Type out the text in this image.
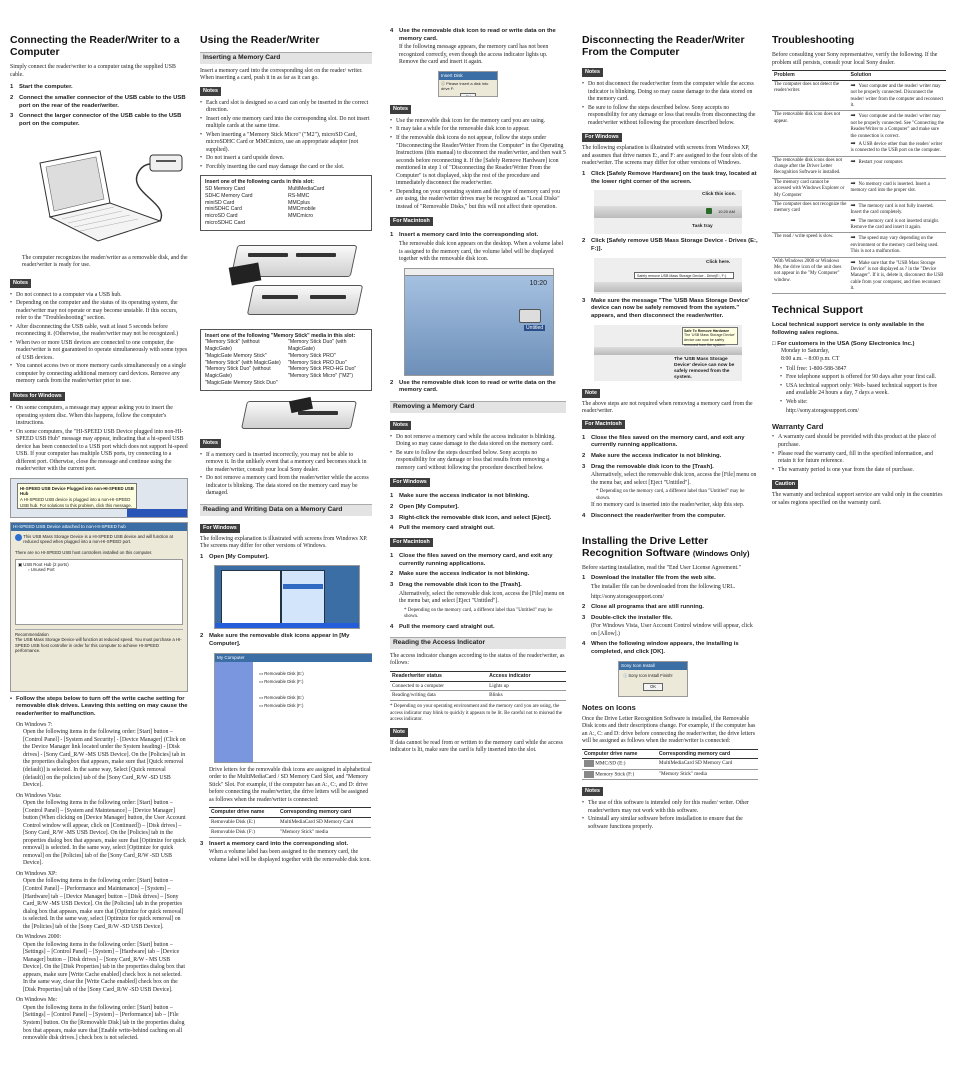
Connecting the Reader/Writer to a Computer

Simply connect the reader/writer to a computer using the supplied USB cable.

1 Start the computer.
2 Connect the smaller connector of the USB cable to the USB port on the rear of the reader/writer.
3 Connect the larger connector of the USB cable to the USB port on the computer.

The computer recognizes the reader/writer as a removable disk, and the reader/writer is ready for use.

Notes
• Do not connect to a computer via a USB hub.
• Depending on the computer and the status of its operating system, the reader/writer may not operate or may become unstable. If this occurs, refer to the "Troubleshooting" section.
• After disconnecting the USB cable, wait at least 5 seconds before reconnecting it. (Otherwise, the reader/writer may not be recognized.)
• When two or more USB devices are connected to one computer, the reader/writer is not guaranteed to operate simultaneously with some types of USB devices.
• You cannot access two or more memory cards simultaneously on a single computer by connecting additional memory card devices. Remove any memory cards from the reader/writer prior to use.
Notes for Windows
• On some computers, a message may appear asking you to insert the operating system disc. When this happens, follow the computer's instructions.
• On some computers, the "HI-SPEED USB Device plugged into non-HI-SPEED USB Hub" message may appear, indicating that a hi-speed USB device has been connected to a USB port which does not support hi-speed USB. If your computer has multiple USB ports, try connecting to a different port. Otherwise, close the message and continue using the reader/writer with the current port.
HI-SPEED USB Device Plugged into non-HI-SPEED USB Hub
A HI-SPEED USB device is plugged into a non-HI-SPEED USB hub. For solutions to this problem, click this message.
HI-SPEED USB Device attached to non-HI-SPEED hub
This USB Mass Storage Device is a HI-SPEED USB device and will function at reduced speed when plugged into a non-HI-SPEED port.

There are no HI-SPEED USB host controllers installed on this computer.

▣ USB Root Hub (2 ports)
▫ Unused Port

Recommendation

The USB Mass Storage Device will function at reduced speed. You must purchase a HI-SPEED USB host controller in order for this computer to achieve HI-SPEED performance.

• Follow the steps below to turn off the write cache setting for removable disk drives. Leaving this setting on may cause the reader/writer to malfunction.
On Windows 7:
Open the following items in the following order: [Start] button – [Control Panel] - [System and Security] - [Device Manager] (Click on the Device Manager link located under the System heading) - [Disk drives] - [Sony Card_R/W -MS USB Device]. On the [Policies] tab in the properties dialogbox that appears, make sure that [Quick removal (default)] is selected. In the same way, Select [Quick removal (default)] on the policies] tab of the [Sony Card_R/W -SD USB Device].
On Windows Vista:
Open the following items in the following order: [Start] button – [Control Panel] – [System and Maintenance] – [Device Manager] button (When clicking on [Device Manager] button, the User Account Control window will appear, click on [Continued]) – [Disk drives] – [Sony Card_R/W -MS USB Device]. On the [Policies] tab in the properties dialog box that appears, make sure that [Optimize for quick removal] is selected. In the same way, select [Optimize for quick removal] on the [Policies] tab of the [Sony Card_R/W -SD USB Device].
On Windows XP:
Open the following items in the following order: [Start] button – [Control Panel] – [Performance and Maintenance] – [System] – [Hardware] tab – [Device Manager] button – [Disk drives] – [Sony Card_R/W -MS USB Device]. On the [Policies] tab in the properties dialog box that appears, make sure that [Optimize for quick removal] is selected. In the same way, select [Optimize for quick removal] on the [Policies] tab of the [Sony Card_R/W -SD USB Device].
On Windows 2000:
Open the following items in the following order: [Start] button – [Settings] – [Control Panel] – [System] – [Hardware] tab – [Device Manager] button – [Disk drives] – [Sony Card_R/W - MS USB Device]. On the [Disk Properties] tab in the properties dialog box that appears, make sure [Write Cache enabled] check box is not selected. In the same way, clear the [Write Cache enabled] check box on the [Disk Properties] tab of the [Sony Card_R/W -SD USB Device].
On Windows Me:
Open the following items in the following order: [Start] button – [Settings] – [Control Panel] – [System] – [Performance] tab – [File System] button. On the [Removable Disk] tab in the properties dialog box that appears, make sure that [Enable write-behind caching on all removable disk drives.] check box is not selected.
Using the Reader/Writer
Inserting a Memory Card

Insert a memory card into the corresponding slot on the reader/ writer.

When inserting a card, push it in as far as it can go.

Notes
• Each card slot is designed so a card can only be inserted in the correct direction.
• Insert only one memory card into the corresponding slot. Do not insert multiple cards at the same time.
• When inserting a "Memory Stick Micro" ("M2"), microSD Card, microSDHC Card or MMCmicro, use an appropriate adaptor (not supplied).
• Do not insert a card upside down.
• Forcibly inserting the card may damage the card or the slot.
Insert one of the following cards in this slot:
SD Memory Card
SDHC Memory Card
miniSD Card
miniSDHC Card
microSD Card
microSDHC Card
MultiMediaCard
RS-MMC
MMCplus
MMCmobile
MMCmicro
Insert one of the following "Memory Stick" media in this slot:
"Memory Stick" (without MagicGate)
"MagicGate Memory Stick"
"Memory Stick" (with MagicGate)
"Memory Stick Duo" (without MagicGate)
"MagicGate Memory Stick Duo"
"Memory Stick Duo" (with MagicGate)
"Memory Stick PRO"
"Memory Stick PRO Duo"
"Memory Stick PRO-HG Duo"
"Memory Stick Micro" ("M2")
Notes
• If a memory card is inserted incorrectly, you may not be able to remove it. In the unlikely event that a memory card becomes stuck in the reader/writer, consult your local Sony dealer.
• Do not remove a memory card from the reader/writer while the access indicator is blinking. The data stored on the memory card may be damaged.
Reading and Writing Data on a Memory Card
For Windows

The following explanation is illustrated with screens from Windows XP. The screens may differ for other versions of Windows.

1 Open [My Computer].
2 Make sure the removable disk icons appear in [My Computer].
My Computer
▭ Removable Disk (E:)
▭ Removable Disk (F:)
▭ Removable Disk (E:)
▭ Removable Disk (F:)

Drive letters for the removable disk icons are assigned in alphabetical order to the MultiMediaCard / SD Memory Card Slot, and "Memory Stick" Slot. For example, if the computer has an A:, C:, and D: drive before connecting the reader/writer, the drive letters will be assigned as follows when the reader/writer is connected:

Computer drive name	Corresponding memory card
Removable Disk (E:)	MultiMediaCard SD Memory Card
Removable Disk (F:)	"Memory Stick" media
3 Insert a memory card into the corresponding slot.

When a volume label has been assigned to the memory card, the volume label will be displayed together with the removable disk icon.

4 Use the removable disk icon to read or write data on the memory card.

If the following message appears, the memory card has not been recognized correctly, even though the access indicator lights up. Remove the card and insert it again.

Insert Disk
ⓘ Please insert a disk into drive F:
OK
Notes
• Use the removable disk icon for the memory card you are using.
• It may take a while for the removable disk icon to appear.
• If the removable disk icons do not appear, follow the steps under "Disconnecting the Reader/Writer From the Computer" in the Operating Instructions (this manual) to disconnect the reader/writer, and then wait 5 seconds before reconnecting it. If the [Safely Remove Hardware] icon mentioned in step 1 of "Disconnecting the Reader/Writer From the Computer" is not displayed, skip the rest of the procedure and immediately disconnect the reader/writer.
• Depending on your operating system and the type of memory card you are using, the reader/writer drives may be recognized as "Local Disks" instead of "Removable Disks," but this will not affect their operation.
For Macintosh
1 Insert a memory card into the corresponding slot.

The removable disk icon appears on the desktop. When a volume label is assigned to the memory card, the volume label will be displayed together with the removable disk icon.

10:20
Untitled
2 Use the removable disk icon to read or write data on the memory card.
Removing a Memory Card
Notes
• Do not remove a memory card while the access indicator is blinking. Doing so may cause damage to the data stored on the memory card.
• Be sure to follow the steps described below. Sony accepts no responsibility for any damage or loss that results from removing a memory card without following the procedure described below.
For Windows
1 Make sure the access indicator is not blinking.
2 Open [My Computer].
3 Right-click the removable disk icon, and select [Eject].
4 Pull the memory card straight out.
For Macintosh
1 Close the files saved on the memory card, and exit any currently running applications.
2 Make sure the access indicator is not blinking.
3 Drag the removable disk icon to the [Trash].

Alternatively, select the removable disk icon, access the [File] menu on the menu bar, and select [Eject "Untitled"].

* Depending on the memory card, a different label than "Untitled" may be shown.

4 Pull the memory card straight out.
Reading the Access Indicator

The access indicator changes according to the status of the reader/writer, as follows:

Reader/writer status	Access indicator
Connected to a computer	Lights up
Reading/writing data	Blinks

* Depending on your operating environment and the memory card you are using, the access indicator may blink to quickly it appears to be lit. Be careful not to misread the access indicator.

Note

If data cannot be read from or written to the memory card while the access indicator is lit, make sure the card is fully inserted into the slot.

Disconnecting the Reader/Writer From the Computer
Notes
• Do not disconnect the reader/writer from the computer while the access indicator is blinking. Doing so may cause damage to the data stored on the memory card.
• Be sure to follow the steps described below. Sony accepts no responsibility for any damage or loss that results from disconnecting the reader/writer without following the procedure described below.
For Windows

The following explanation is illustrated with screens from Windows XP, and assumes that drive names E:, and F: are assigned to the four slots of the reader/writer. The screens may differ for other versions of Windows.

1 Click [Safely Remove Hardware] on the task tray, located at the lower right corner of the screen.
10:20 AM
Click this icon.
Task tray
2 Click [Safely remove USB Mass Storage Device - Drives (E:, F:)].
Click here.
Safely remove USB Mass Storage Device - Drive(E:, F:)
3 Make sure the message "The 'USB Mass Storage Device' device can now be safely removed from the system." appears, and then disconnect the reader/writer.
Safe To Remove Hardware
The 'USB Mass Storage Device' device can now be safely removed from the system.
The 'USB Mass Storage Device' device can now be safely removed from the system.
Note

The above steps are not required when removing a memory card from the reader/writer.

For Macintosh
1 Close the files saved on the memory card, and exit any currently running applications.
2 Make sure the access indicator is not blinking.
3 Drag the removable disk icon to the [Trash].

Alternatively, select the removable disk icon, access the [File] menu on the menu bar, and select [Eject "Untitled"].

* Depending on the memory card, a different label than "Untitled" may be shown.

If no memory card is inserted into the reader/writer, skip this step.

4 Disconnect the reader/writer from the computer.
Installing the Drive Letter Recognition Software (Windows Only)

Before starting installation, read the "End User License Agreement."

1 Download the installer file from the web site.

The installer file can be downloaded from the following URL.

http://sony.storagesupport.com/

2 Close all programs that are still running.
3 Double-click the installer file.

(For Windows Vista, User Account Control window will appear, click on [Allow].)

4 When the following window appears, the installing is completed, and click [OK].
Sony Icon Install
ⓘ Sony Icon Install Finish!
OK
Notes on Icons

Once the Drive Letter Recognition Software is installed, the Removable Disk icons and their descriptions change. For example, if the computer has an A:, C: and D: drive before connecting the reader/writer, the drive letters will be assigned as follows when the reader/writer is connected:

Computer drive name	Corresponding memory card
MMC/SD (E:)	MultiMediaCard SD Memory Card
Memory Stick (F:)	"Memory Stick" media
Notes
• The use of this software is intended only for this reader/ writer. Other reader/writers may not work with this software.
• Uninstall any similar software before installation to ensure that the software functions properly.
Troubleshooting

Before consulting your Sony representative, verify the following. If the problem still persists, consult your local Sony dealer.

Problem	Solution
The computer does not detect the reader/writer.	➡ Your computer and the reader/ writer may not be properly connected. Disconnect the reader/ writer from the computer and reconnect it.

The removable disk icon does not appear.	➡ Your computer and the reader/ writer may not be properly connected. See "Connecting the Reader/Writer to a Computer" and make sure the connection is correct.
➡ A USB device other than the reader/ writer is connected to the USB port on the computer.

The removable disk icons does not change after the Driver Letter Recognition Software is installed.	➡ Restart your computer.

The memory card cannot be accessed with Windows Explorer or My Computer	➡ No memory card is inserted. Insert a memory card into the proper slot.

The computer does not recognize the memory card	➡ The memory card is not fully inserted. Insert the card completely.
➡ The memory card is not inserted straight. Remove the card and insert it again.

The read / write speed is slow.	➡ The speed may vary depending on the environment or the memory card being used. This is not a malfunction.

With Windows 2000 or Windows Me, the drive icon of the unit does not appear in the "My Computer" window.	➡ Make sure that the "USB Mass Storage Device" is not displayed as ? in the "Device Manager". If it is, delete it, disconnect the USB cable from your computer, and then reconnect it.
Technical Support

Local technical support service is only available in the following sales regions.

□ For customers in the USA (Sony Electronics Inc.)

Monday to Saturday,

8:00 a.m. – 8:00 p.m. CT

• Toll free: 1-800-588-3847
• Free telephone support is offered for 90 days after your first call.
• USA technical support only: Web- based technical support is free and available 24 hours a day, 7 days a week.
• Web site:

http://sony.storagesupport.com/

Warranty Card
• A warranty card should be provided with this product at the place of purchase.
• Please read the warranty card, fill in the specified information, and retain it for future reference.
• The warranty period is one year from the date of purchase.
Caution

The warranty and technical support service are valid only in the countries or sales regions specified on the warranty card.
